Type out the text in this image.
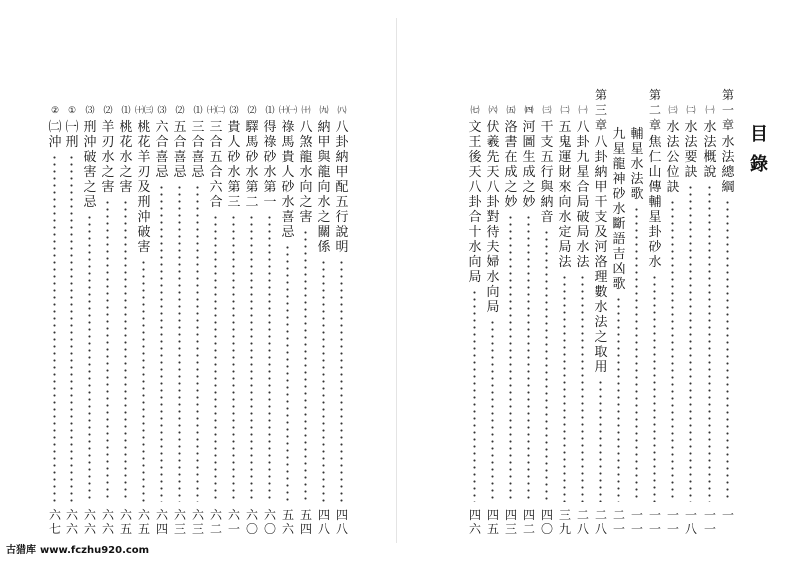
目 錄
第一章
水法總綱
一
㈠
水法概說
一一
㈡
水法要訣
一八
㈢
水法公位訣
一一
第二章
焦仁山傳輔星卦砂水
一一
輔星水法歌
一一
九星龍神砂水斷語吉凶歌
二一
第三章
八卦納甲干支及河洛理數水法之取用
二八
㈠
八卦九星合局破局水法
二八
㈡
五鬼運財來向水定局法
三九
㈢
干支五行與納音
四〇
㈣
河圖生成之妙
四二
㈤
洛書在成之妙
四三
㈥
伏羲先天八卦對待夫婦水向局
四五
㈦
文王後天八卦合十水向局
四六
㈧
八卦納甲配五行說明
四八
㈨
納甲與龍向水之關係
四八
㈩
八煞龍水向之害
五四
㈩㈠
祿馬貴人砂水喜忌
五六
⑴
得祿砂水第一
六〇
⑵
驛馬砂水第二
六〇
⑶
貴人砂水第三
六一
㈩㈡
三合五合六合
六二
⑴
三合喜忌
六三
⑵
五合喜忌
六三
⑶
六合喜忌
六四
㈩㈢
桃花羊刃及刑沖破害
六五
⑴
桃花水之害
六五
⑵
羊刃水之害
六六
⑶
刑沖破害之忌
六六
①
㈠刑
六六
②
㈡沖
六七
古猎库 www.fczhu920.com
